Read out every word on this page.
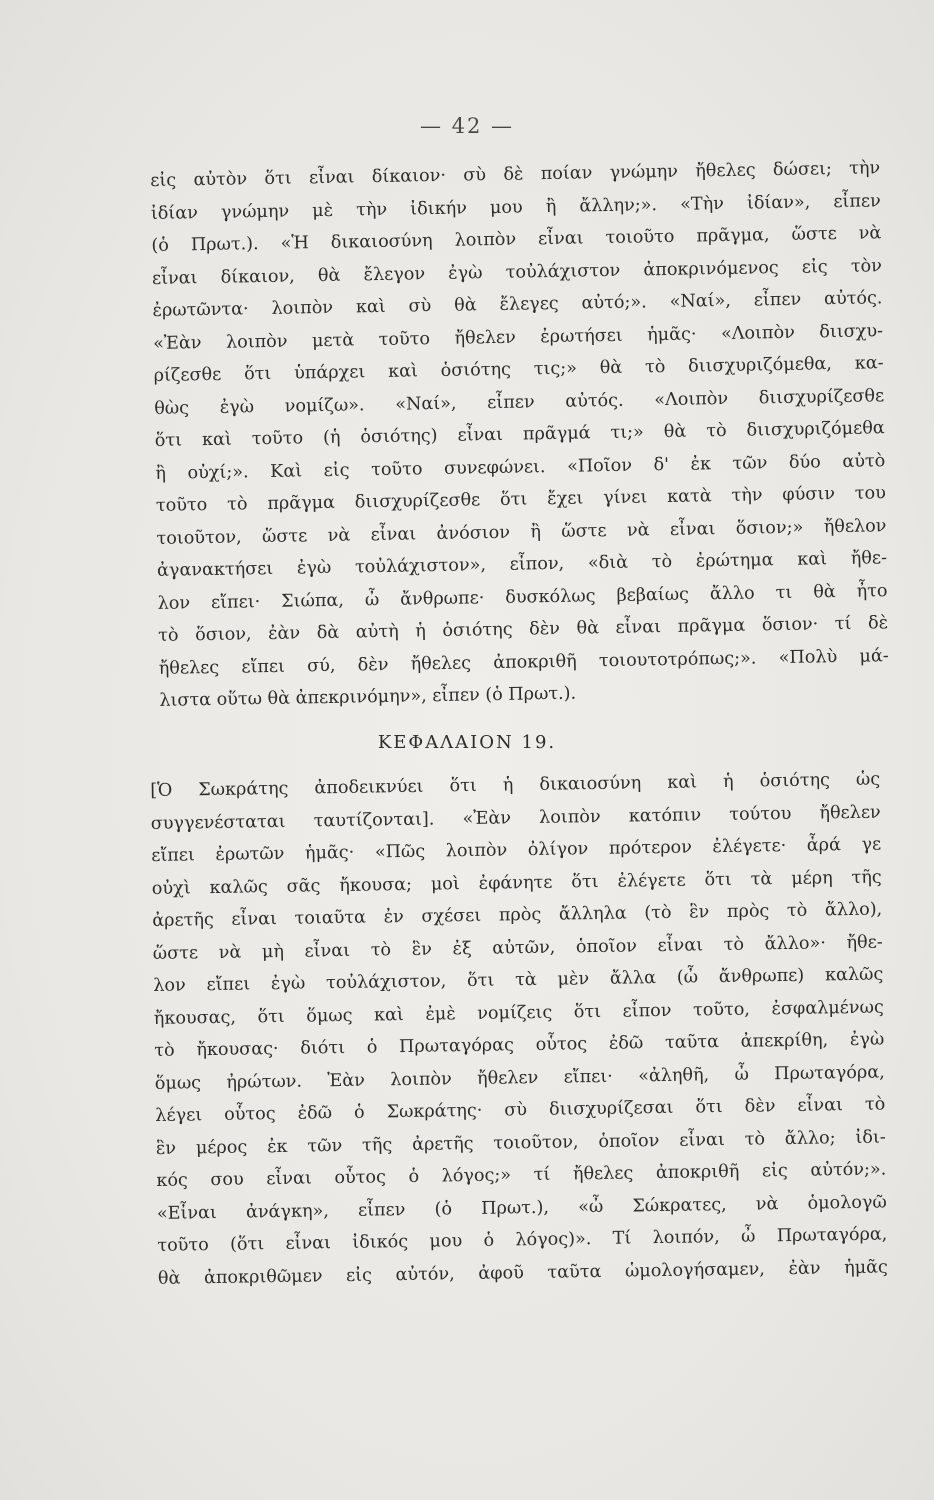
— 42 —
εἰς αὐτὸν ὅτι εἶναι δίκαιον· σὺ δὲ ποίαν γνώμην ἤθελες δώσει; τὴν
ἰδίαν γνώμην μὲ τὴν ἰδικήν μου ἢ ἄλλην;». «Τὴν ἰδίαν», εἶπεν
(ὁ Πρωτ.). «Ἡ δικαιοσύνη λοιπὸν εἶναι τοιοῦτο πρᾶγμα, ὥστε νὰ
εἶναι δίκαιον, θὰ ἔλεγον ἐγὼ τοὐλάχιστον ἀποκρινόμενος εἰς τὸν
ἐρωτῶντα· λοιπὸν καὶ σὺ θὰ ἔλεγες αὐτό;». «Ναί», εἶπεν αὐτός.
«Ἐὰν λοιπὸν μετὰ τοῦτο ἤθελεν ἐρωτήσει ἡμᾶς· «Λοιπὸν διισχυ-
ρίζεσθε ὅτι ὑπάρχει καὶ ὁσιότης τις;» θὰ τὸ διισχυριζόμεθα, κα-
θὼς ἐγὼ νομίζω». «Ναί», εἶπεν αὐτός. «Λοιπὸν διισχυρίζεσθε
ὅτι καὶ τοῦτο (ἡ ὁσιότης) εἶναι πρᾶγμά τι;» θὰ τὸ διισχυριζόμεθα
ἢ οὐχί;». Καὶ εἰς τοῦτο συνεφώνει. «Ποῖον δ' ἐκ τῶν δύο αὐτὸ
τοῦτο τὸ πρᾶγμα διισχυρίζεσθε ὅτι ἔχει γίνει κατὰ τὴν φύσιν του
τοιοῦτον, ὥστε νὰ εἶναι ἀνόσιον ἢ ὥστε νὰ εἶναι ὅσιον;» ἤθελον
ἀγανακτήσει ἐγὼ τοὐλάχιστον», εἶπον, «διὰ τὸ ἐρώτημα καὶ ἤθε-
λον εἴπει· Σιώπα, ὦ ἄνθρωπε· δυσκόλως βεβαίως ἄλλο τι θὰ ἦτο
τὸ ὅσιον, ἐὰν δὰ αὐτὴ ἡ ὁσιότης δὲν θὰ εἶναι πρᾶγμα ὅσιον· τί δὲ
ἤθελες εἴπει σύ, δὲν ἤθελες ἀποκριθῆ τοιουτοτρόπως;». «Πολὺ μά-
λιστα οὕτω θὰ ἀπεκρινόμην», εἶπεν (ὁ Πρωτ.).
ΚΕΦΑΛΑΙΟΝ 19.
[Ὁ Σωκράτης ἀποδεικνύει ὅτι ἡ δικαιοσύνη καὶ ἡ ὁσιότης ὡς
συγγενέσταται ταυτίζονται]. «Ἐὰν λοιπὸν κατόπιν τούτου ἤθελεν
εἴπει ἐρωτῶν ἡμᾶς· «Πῶς λοιπὸν ὀλίγον πρότερον ἐλέγετε· ἆρά γε
οὐχὶ καλῶς σᾶς ἤκουσα; μοὶ ἐφάνητε ὅτι ἐλέγετε ὅτι τὰ μέρη τῆς
ἀρετῆς εἶναι τοιαῦτα ἐν σχέσει πρὸς ἄλληλα (τὸ ἓν πρὸς τὸ ἄλλο),
ὥστε νὰ μὴ εἶναι τὸ ἓν ἐξ αὐτῶν, ὁποῖον εἶναι τὸ ἄλλο»· ἤθε-
λον εἴπει ἐγὼ τοὐλάχιστον, ὅτι τὰ μὲν ἄλλα (ὦ ἄνθρωπε) καλῶς
ἤκουσας, ὅτι ὅμως καὶ ἐμὲ νομίζεις ὅτι εἶπον τοῦτο, ἐσφαλμένως
τὸ ἤκουσας· διότι ὁ Πρωταγόρας οὗτος ἐδῶ ταῦτα ἀπεκρίθη, ἐγὼ
ὅμως ἠρώτων. Ἐὰν λοιπὸν ἤθελεν εἴπει· «ἀληθῆ, ὦ Πρωταγόρα,
λέγει οὗτος ἐδῶ ὁ Σωκράτης· σὺ διισχυρίζεσαι ὅτι δὲν εἶναι τὸ
ἓν μέρος ἐκ τῶν τῆς ἀρετῆς τοιοῦτον, ὁποῖον εἶναι τὸ ἄλλο; ἰδι-
κός σου εἶναι οὗτος ὁ λόγος;» τί ἤθελες ἀποκριθῆ εἰς αὐτόν;».
«Εἶναι ἀνάγκη», εἶπεν (ὁ Πρωτ.), «ὦ Σώκρατες, νὰ ὁμολογῶ
τοῦτο (ὅτι εἶναι ἰδικός μου ὁ λόγος)». Τί λοιπόν, ὦ Πρωταγόρα,
θὰ ἀποκριθῶμεν εἰς αὐτόν, ἀφοῦ ταῦτα ὡμολογήσαμεν, ἐὰν ἡμᾶς
